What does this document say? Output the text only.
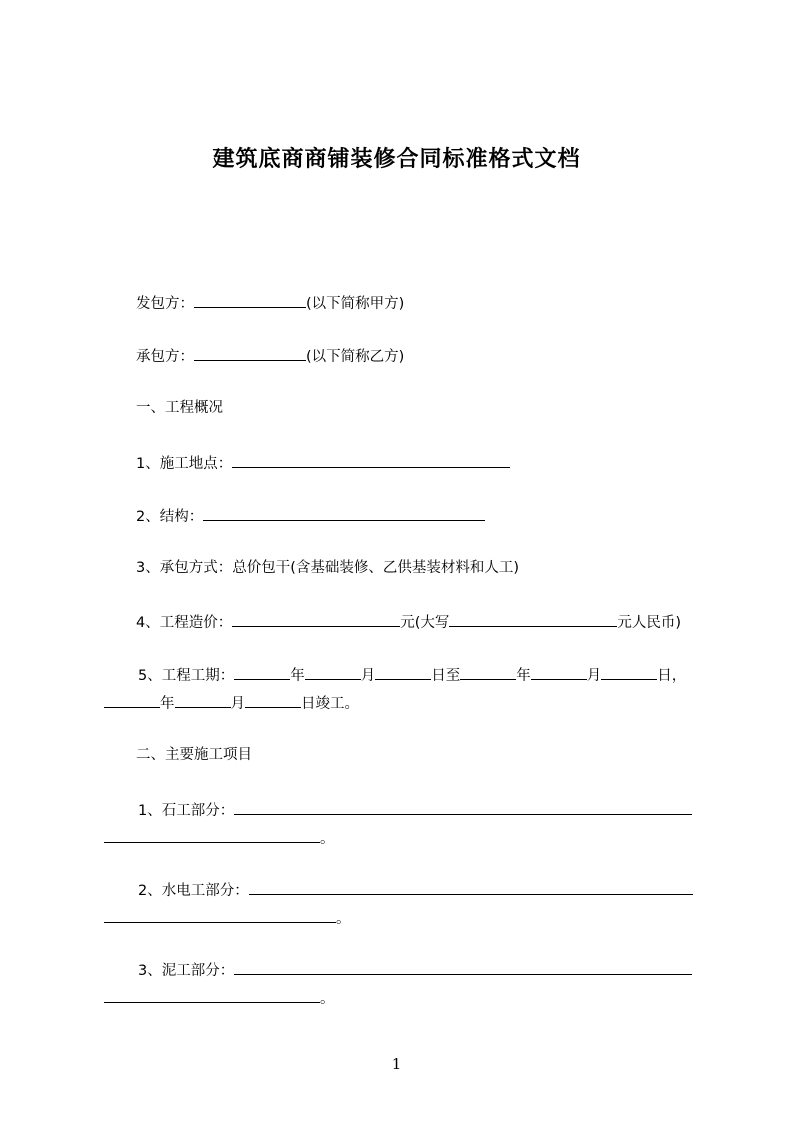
建筑底商商铺装修合同标准格式文档
发包方：	(以下简称甲方)
承包方：	(以下简称乙方)
一、工程概况
1、施工地点：
2、结构：
3、承包方式：总价包干(含基础装修、乙供基装材料和人工)
4、工程造价：	元(大写	元人民币)
5、工程工期：	年	月	日至	年	月	日，
年	月	日竣工。
二、主要施工项目
1、石工部分：
。
2、水电工部分：
。
3、泥工部分：
。
1
